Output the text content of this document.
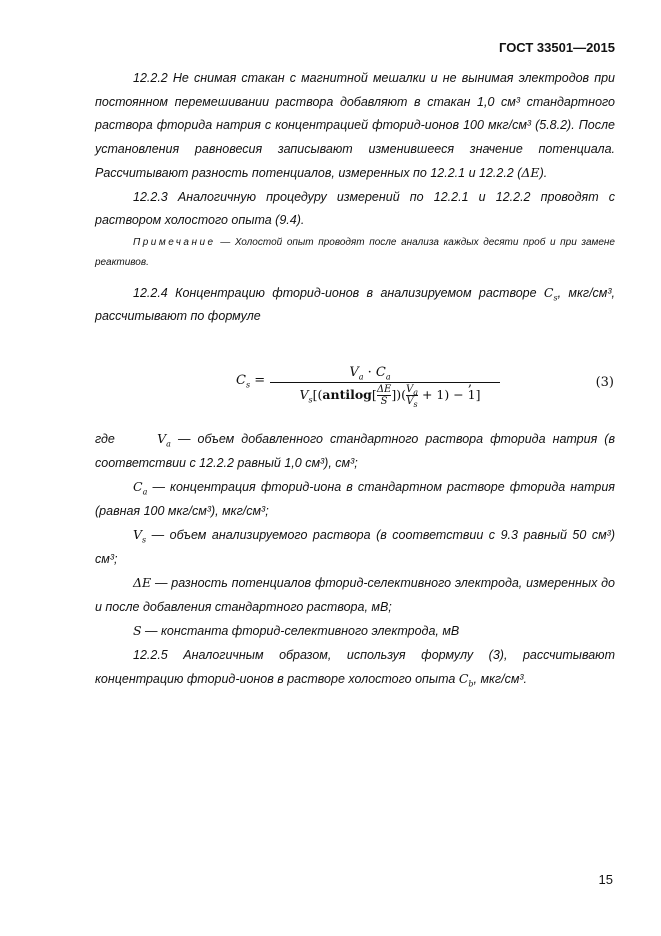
ГОСТ 33501—2015

12.2.2 Не снимая стакан с магнитной мешалки и не вынимая электродов при постоянном перемешивании раствора добавляют в стакан 1,0 см³ стандартного раствора фторида натрия с концентрацией фторид-ионов 100 мкг/см³ (5.8.2). После установления равновесия записывают изменившееся значение потенциала. Рассчитывают разность потенциалов, измеренных по 12.2.1 и 12.2.2 (ΔE).

12.2.3 Аналогичную процедуру измерений по 12.2.1 и 12.2.2 проводят с раствором холостого опыта (9.4).

Примечание — Холостой опыт проводят после анализа каждых десяти проб и при замене реактивов.

12.2.4 Концентрацию фторид-ионов в анализируемом растворе $C_s$, мкг/см³, рассчитывают по формуле

$C_s$ =
$V_a \cdot C_a$
$V_s[(antilog[ \frac{\Delta E}{S}$ ])( $\frac{V_a}{V_s} + 1) - 1$]
,	(3)

где	$V_a$ — объем добавленного стандартного раствора фторида натрия (в соответствии с 12.2.2 равный 1,0 см³), см³;

$C_a$ — концентрация фторид-иона в стандартном растворе фторида натрия (равная 100 мкг/см³), мкг/см³;

$V_s$ — объем анализируемого раствора (в соответствии с 9.3 равный 50 см³) см³;

ΔE — разность потенциалов фторид-селективного электрода, измеренных до и после добавления стандартного раствора, мВ;

S — константа фторид-селективного электрода, мВ

12.2.5 Аналогичным образом, используя формулу (3), рассчитывают концентрацию фторид-ионов в растворе холостого опыта $C_b$, мкг/см³.

15
